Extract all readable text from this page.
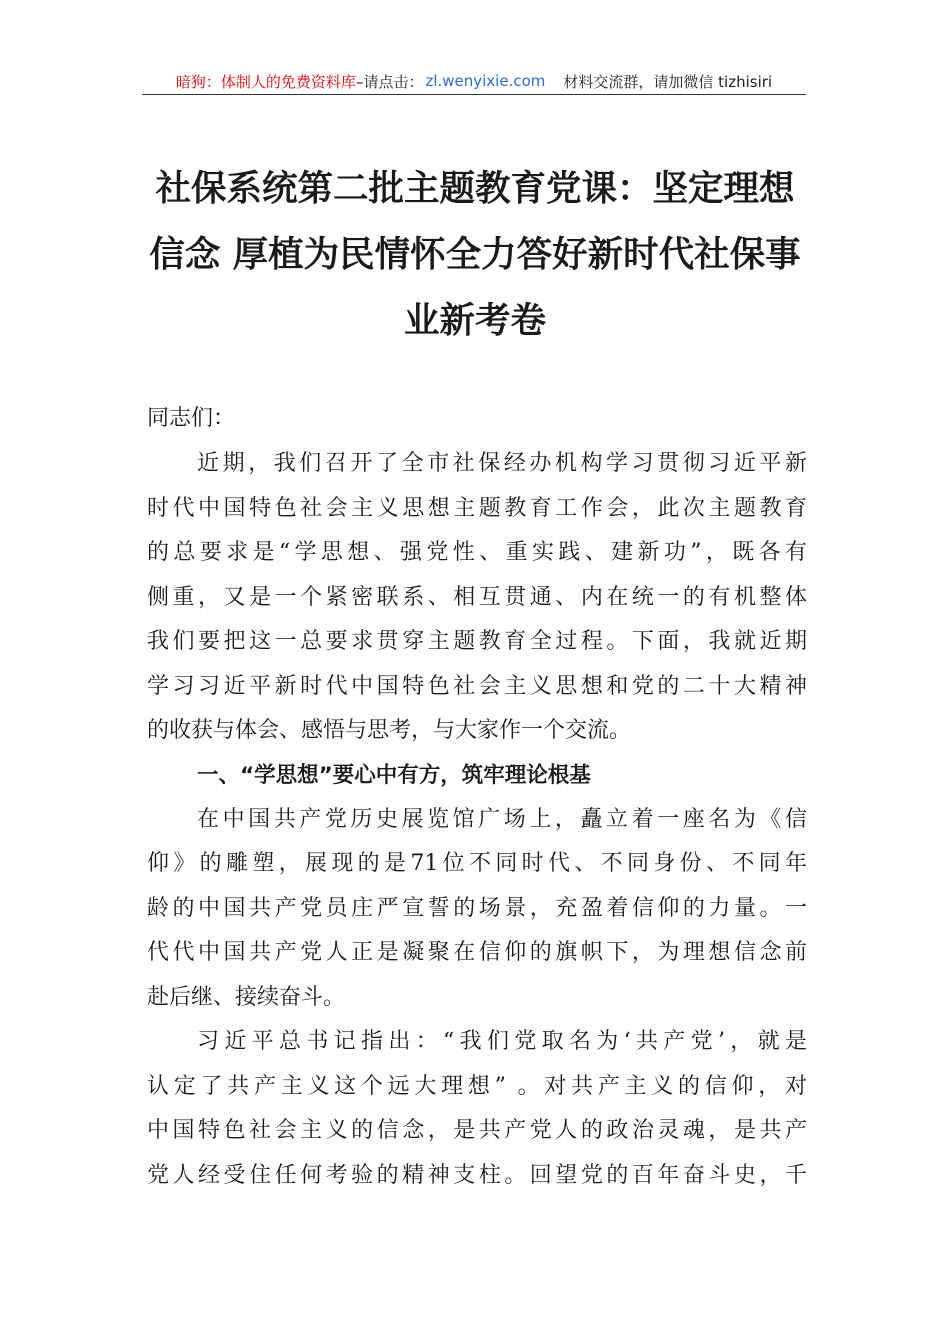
暗狗：体制人的免费资料库 –请点击： zl.wenyixie.com 材料交流群，请加微信 tizhisiri
社保系统第二批主题教育党课：坚定理想
信念 厚植为民情怀全力答好新时代社保事
业新考卷

同志们：

近期，我们召开了全市社保经办机构学习贯彻习近平新
时代中国特色社会主义思想主题教育工作会，此次主题教育
的总要求是“学思想、强党性、重实践、建新功”，既各有
侧重，又是一个紧密联系、相互贯通、内在统一的有机整体
我们要把这一总要求贯穿主题教育全过程。下面，我就近期
学习习近平新时代中国特色社会主义思想和党的二十大精神
的收获与体会、感悟与思考，与大家作一个交流。

一、“学思想”要心中有方，筑牢理论根基

在中国共产党历史展览馆广场上，矗立着一座名为《信
仰》的雕塑，展现的是71位不同时代、不同身份、不同年
龄的中国共产党员庄严宣誓的场景，充盈着信仰的力量。一
代代中国共产党人正是凝聚在信仰的旗帜下，为理想信念前
赴后继、接续奋斗。

习近平总书记指出：“我们党取名为‘共产党’，就是
认定了共产主义这个远大理想” 。对共产主义的信仰，对
中国特色社会主义的信念，是共产党人的政治灵魂，是共产
党人经受住任何考验的精神支柱。回望党的百年奋斗史，千
